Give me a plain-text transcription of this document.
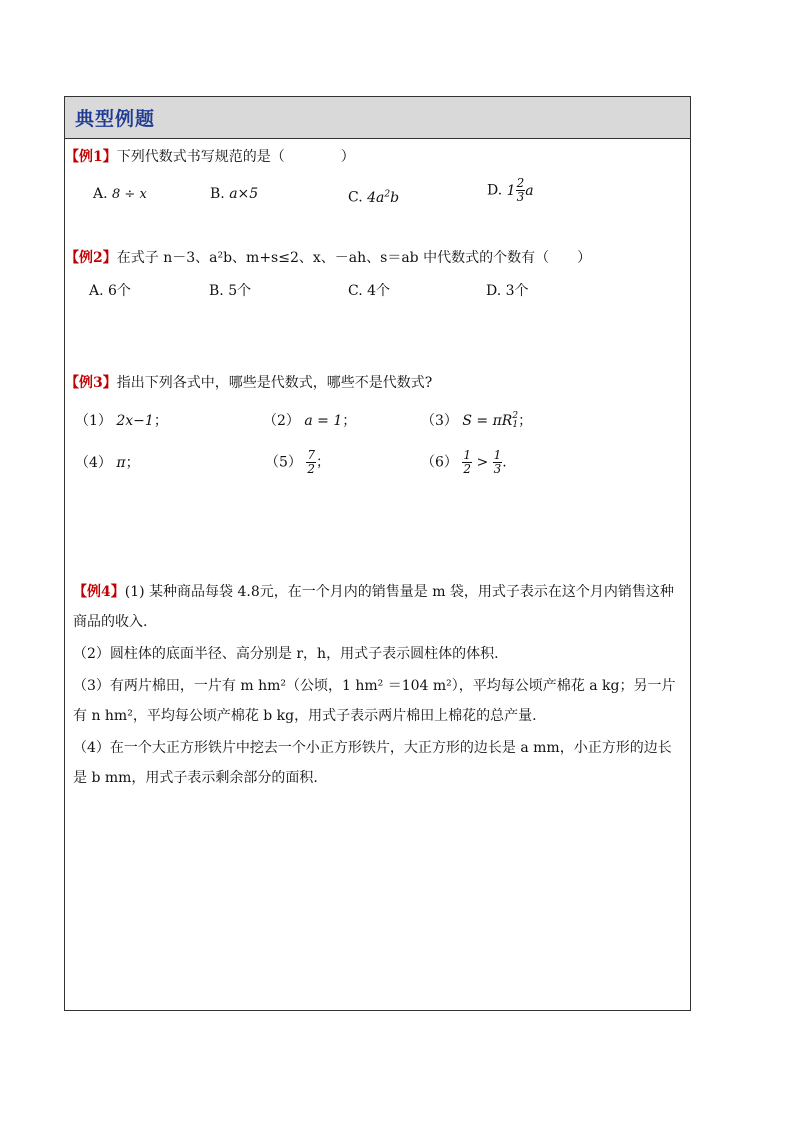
典型例题
【例1】下列代数式书写规范的是（　　　　）
A. 8 ÷ x	B. a×5	C. $4a^2b$	D. $1 \frac{2}{3}$ a
【例2】在式子 n－3、a²b、m+s≤2、x、－ah、s＝ab 中代数式的个数有（　　）
A. 6个	B. 5个	C. 4个	D. 3个
【例3】指出下列各式中，哪些是代数式，哪些不是代数式?
（1） 2x−1；	（2） a = 1；	（3） S = πR 2
1 ；
（4） π；	$(5) \frac{7}{2}$ ；	$(6) \frac{1}{2} > \frac{1}{3}$ .
【例4】(1) 某种商品每袋 4.8元，在一个月内的销售量是 m 袋，用式子表示在这个月内销售这种商品的收入.
（2）圆柱体的底面半径、高分别是 r，h，用式子表示圆柱体的体积.
（3）有两片棉田，一片有 m hm²（公顷，1 hm² ＝104 m²），平均每公顷产棉花 a kg；另一片有 n hm²，平均每公顷产棉花 b kg，用式子表示两片棉田上棉花的总产量.
（4）在一个大正方形铁片中挖去一个小正方形铁片，大正方形的边长是 a mm，小正方形的边长是 b mm，用式子表示剩余部分的面积.
